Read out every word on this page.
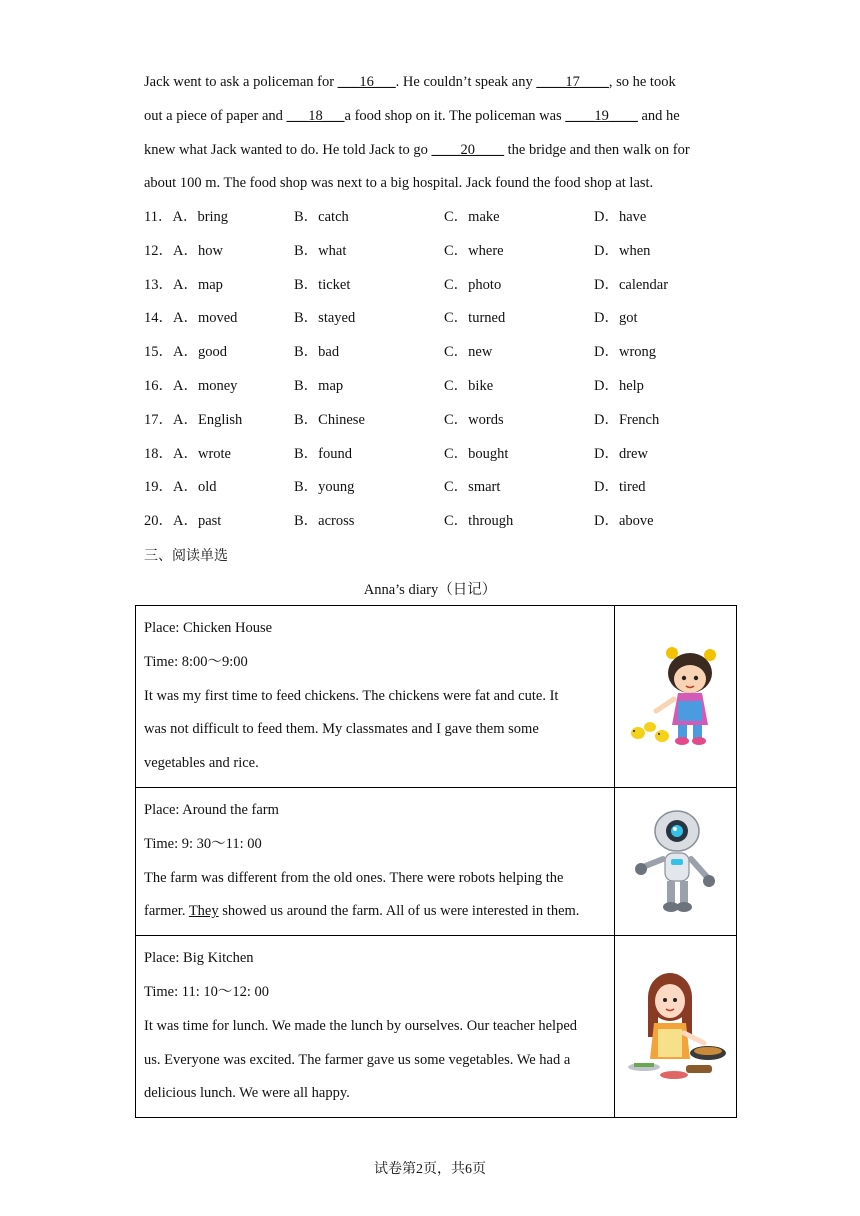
Jack went to ask a policeman for ___16___. He couldn’t speak any ____17____, so he took
out a piece of paper and ___18___a food shop on it. The policeman was ____19____ and he
knew what Jack wanted to do. He told Jack to go ____20____ the bridge and then walk on for
about 100 m. The food shop was next to a big hospital. Jack found the food shop at last.
11．A．bring	B．catch	C．make	D．have
12．A．how	B．what	C．where	D．when
13．A．map	B．ticket	C．photo	D．calendar
14．A．moved	B．stayed	C．turned	D．got
15．A．good	B．bad	C．new	D．wrong
16．A．money	B．map	C．bike	D．help
17．A．English	B．Chinese	C．words	D．French
18．A．wrote	B．found	C．bought	D．drew
19．A．old	B．young	C．smart	D．tired
20．A．past	B．across	C．through	D．above
三、阅读单选
Anna’s diary（日记）
Place: Chicken House
Time: 8:00～9:00
It was my first time to feed chickens. The chickens were fat and cute. It
was not difficult to feed them. My classmates and I gave them some
vegetables and rice.

Place: Around the farm
Time: 9: 30～11: 00
The farm was different from the old ones. There were robots helping the
farmer. They showed us around the farm. All of us were interested in them.

Place: Big Kitchen
Time: 11: 10～12: 00
It was time for lunch. We made the lunch by ourselves. Our teacher helped
us. Everyone was excited. The farmer gave us some vegetables. We had a
delicious lunch. We were all happy.

试卷第2页，共6页
